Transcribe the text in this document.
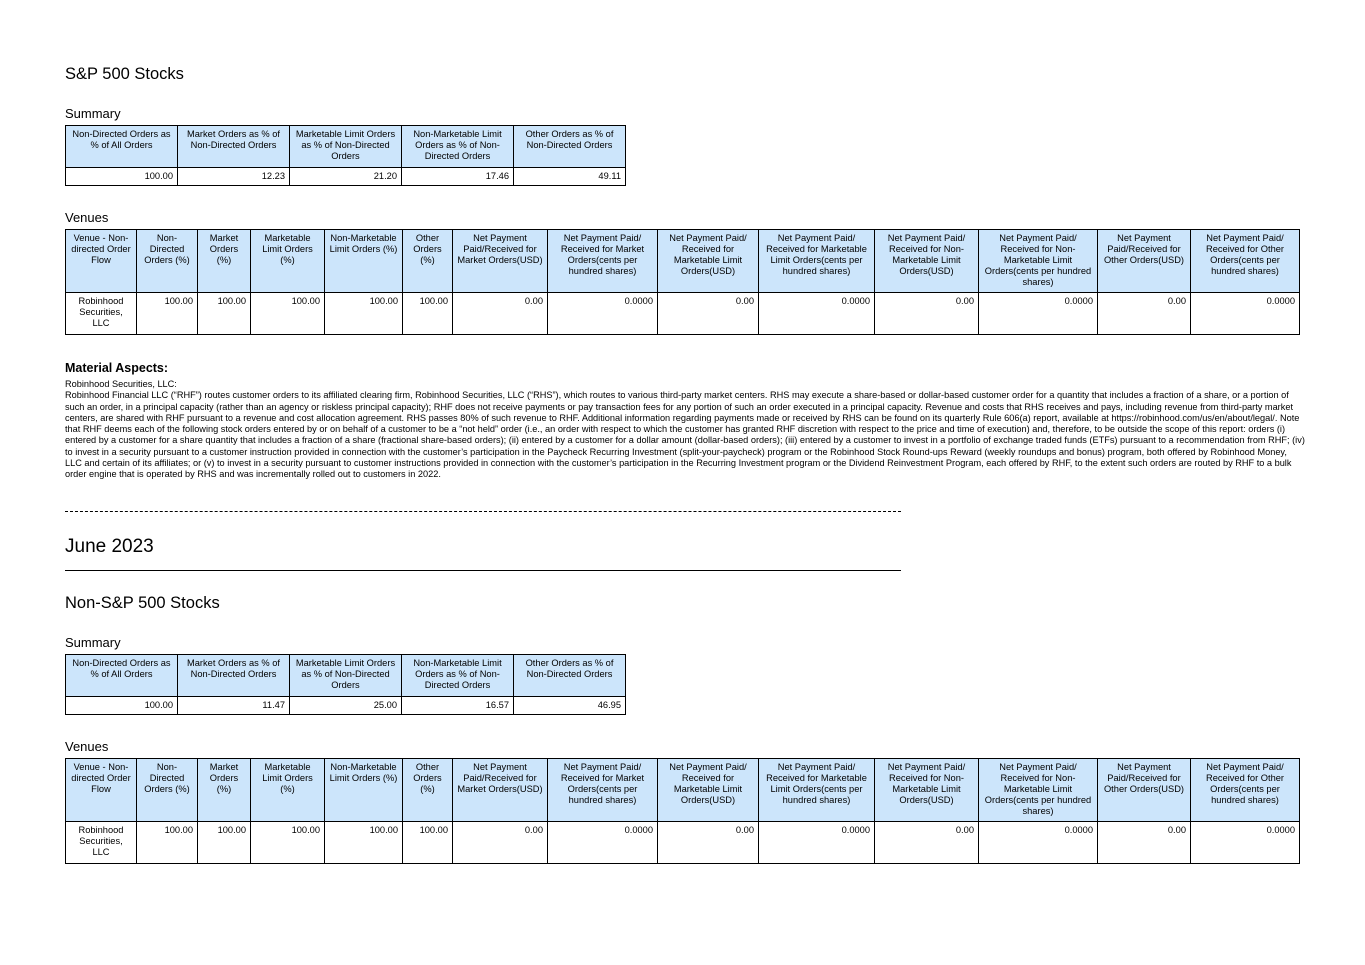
S&P 500 Stocks
Summary
Non-Directed Orders as % of All Orders	Market Orders as % of Non-Directed Orders	Marketable Limit Orders as % of Non-Directed Orders	Non-Marketable Limit Orders as % of Non-Directed Orders	Other Orders as % of Non-Directed Orders
100.00	12.23	21.20	17.46	49.11
Venues
Venue - Non-directed Order Flow	Non-Directed Orders (%)	Market Orders (%)	Marketable Limit Orders (%)	Non-Marketable Limit Orders (%)	Other Orders (%)	Net Payment Paid/Received for Market Orders(USD)	Net Payment Paid/ Received for Market Orders(cents per hundred shares)	Net Payment Paid/ Received for Marketable Limit Orders(USD)	Net Payment Paid/ Received for Marketable Limit Orders(cents per hundred shares)	Net Payment Paid/ Received for Non-Marketable Limit Orders(USD)	Net Payment Paid/ Received for Non-Marketable Limit Orders(cents per hundred shares)	Net Payment Paid/Received for Other Orders(USD)	Net Payment Paid/ Received for Other Orders(cents per hundred shares)
Robinhood Securities, LLC	100.00	100.00	100.00	100.00	100.00	0.00	0.0000	0.00	0.0000	0.00	0.0000	0.00	0.0000
Material Aspects:
Robinhood Securities, LLC:
Robinhood Financial LLC (“RHF”) routes customer orders to its affiliated clearing firm, Robinhood Securities, LLC (“RHS”), which routes to various third-party market centers. RHS may execute a share-based or dollar-based customer order for a quantity that includes a fraction of a share, or a portion of such an order, in a principal capacity (rather than an agency or riskless principal capacity); RHF does not receive payments or pay transaction fees for any portion of such an order executed in a principal capacity. Revenue and costs that RHS receives and pays, including revenue from third-party market centers, are shared with RHF pursuant to a revenue and cost allocation agreement. RHS passes 80% of such revenue to RHF. Additional information regarding payments made or received by RHS can be found on its quarterly Rule 606(a) report, available at https://robinhood.com/us/en/about/legal/. Note that RHF deems each of the following stock orders entered by or on behalf of a customer to be a “not held” order (i.e., an order with respect to which the customer has granted RHF discretion with respect to the price and time of execution) and, therefore, to be outside the scope of this report: orders (i) entered by a customer for a share quantity that includes a fraction of a share (fractional share-based orders); (ii) entered by a customer for a dollar amount (dollar-based orders); (iii) entered by a customer to invest in a portfolio of exchange traded funds (ETFs) pursuant to a recommendation from RHF; (iv) to invest in a security pursuant to a customer instruction provided in connection with the customer’s participation in the Paycheck Recurring Investment (split-your-paycheck) program or the Robinhood Stock Round-ups Reward (weekly roundups and bonus) program, both offered by Robinhood Money, LLC and certain of its affiliates; or (v) to invest in a security pursuant to customer instructions provided in connection with the customer’s participation in the Recurring Investment program or the Dividend Reinvestment Program, each offered by RHF, to the extent such orders are routed by RHF to a bulk order engine that is operated by RHS and was incrementally rolled out to customers in 2022.
June 2023
Non-S&P 500 Stocks
Summary
Non-Directed Orders as % of All Orders	Market Orders as % of Non-Directed Orders	Marketable Limit Orders as % of Non-Directed Orders	Non-Marketable Limit Orders as % of Non-Directed Orders	Other Orders as % of Non-Directed Orders
100.00	11.47	25.00	16.57	46.95
Venues
Venue - Non-directed Order Flow	Non-Directed Orders (%)	Market Orders (%)	Marketable Limit Orders (%)	Non-Marketable Limit Orders (%)	Other Orders (%)	Net Payment Paid/Received for Market Orders(USD)	Net Payment Paid/ Received for Market Orders(cents per hundred shares)	Net Payment Paid/ Received for Marketable Limit Orders(USD)	Net Payment Paid/ Received for Marketable Limit Orders(cents per hundred shares)	Net Payment Paid/ Received for Non-Marketable Limit Orders(USD)	Net Payment Paid/ Received for Non-Marketable Limit Orders(cents per hundred shares)	Net Payment Paid/Received for Other Orders(USD)	Net Payment Paid/ Received for Other Orders(cents per hundred shares)
Robinhood Securities, LLC	100.00	100.00	100.00	100.00	100.00	0.00	0.0000	0.00	0.0000	0.00	0.0000	0.00	0.0000
